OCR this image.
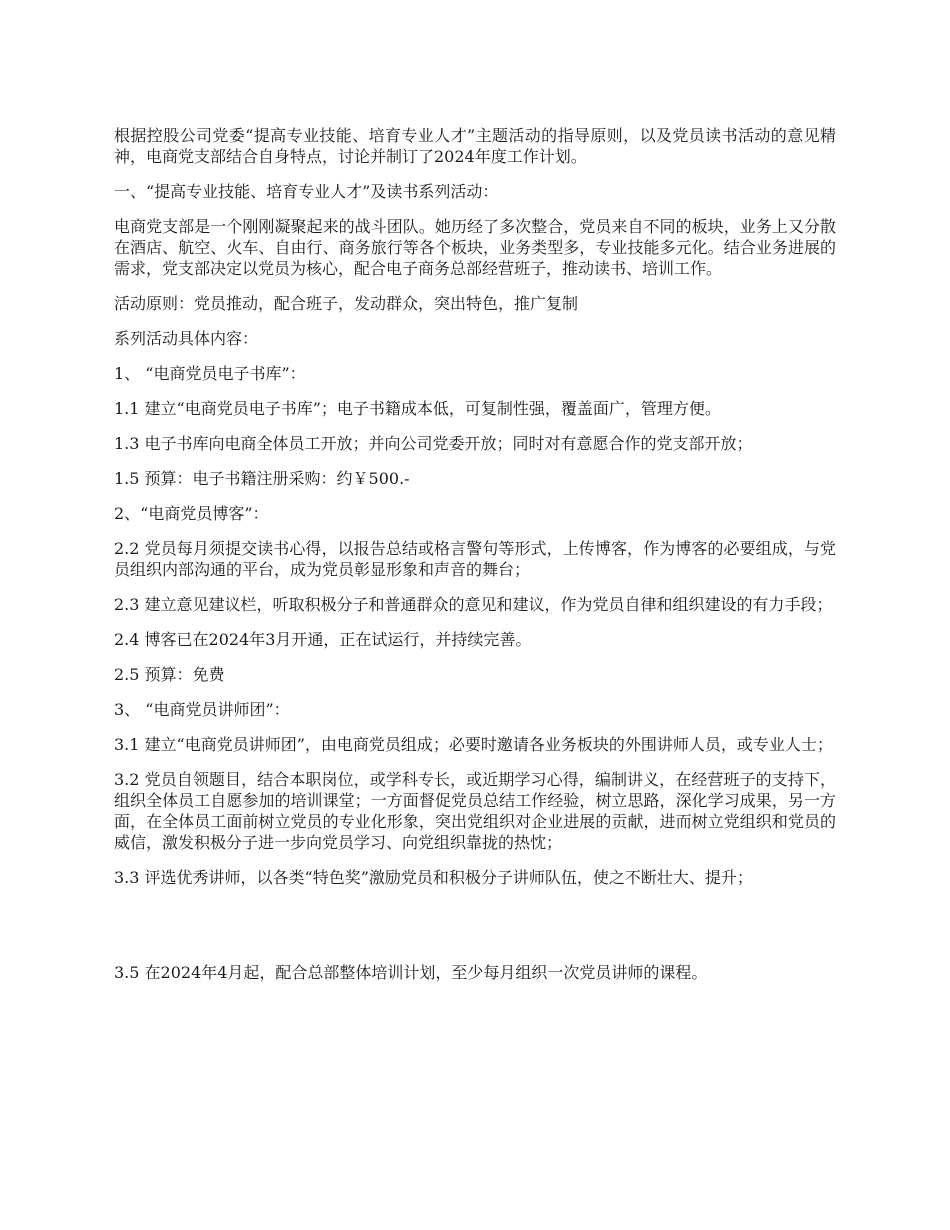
根据控股公司党委“提高专业技能、培育专业人才”主题活动的指导原则，以及党员读书活动的意见精神，电商党支部结合自身特点，讨论并制订了2024年度工作计划。

一、“提高专业技能、培育专业人才”及读书系列活动：

电商党支部是一个刚刚凝聚起来的战斗团队。她历经了多次整合，党员来自不同的板块，业务上又分散在酒店、航空、火车、自由行、商务旅行等各个板块，业务类型多，专业技能多元化。结合业务进展的需求，党支部决定以党员为核心，配合电子商务总部经营班子，推动读书、培训工作。

活动原则：党员推动，配合班子，发动群众，突出特色，推广复制

系列活动具体内容：

1、 “电商党员电子书库”：

1.1 建立“电商党员电子书库”；电子书籍成本低，可复制性强，覆盖面广，管理方便。

1.3 电子书库向电商全体员工开放；并向公司党委开放；同时对有意愿合作的党支部开放；

1.5 预算：电子书籍注册采购：约￥500.-

2、“电商党员博客”：

2.2 党员每月须提交读书心得，以报告总结或格言警句等形式，上传博客，作为博客的必要组成，与党员组织内部沟通的平台，成为党员彰显形象和声音的舞台；

2.3 建立意见建议栏，听取积极分子和普通群众的意见和建议，作为党员自律和组织建设的有力手段；

2.4 博客已在2024年3月开通，正在试运行，并持续完善。

2.5 预算：免费

3、 “电商党员讲师团”：

3.1 建立“电商党员讲师团”，由电商党员组成；必要时邀请各业务板块的外围讲师人员，或专业人士；

3.2 党员自领题目，结合本职岗位，或学科专长，或近期学习心得，编制讲义，在经营班子的支持下，组织全体员工自愿参加的培训课堂；一方面督促党员总结工作经验，树立思路，深化学习成果，另一方面，在全体员工面前树立党员的专业化形象，突出党组织对企业进展的贡献，进而树立党组织和党员的威信，激发积极分子进一步向党员学习、向党组织靠拢的热忱；

3.3 评选优秀讲师，以各类“特色奖”激励党员和积极分子讲师队伍，使之不断壮大、提升；

3.5 在2024年4月起，配合总部整体培训计划，至少每月组织一次党员讲师的课程。
